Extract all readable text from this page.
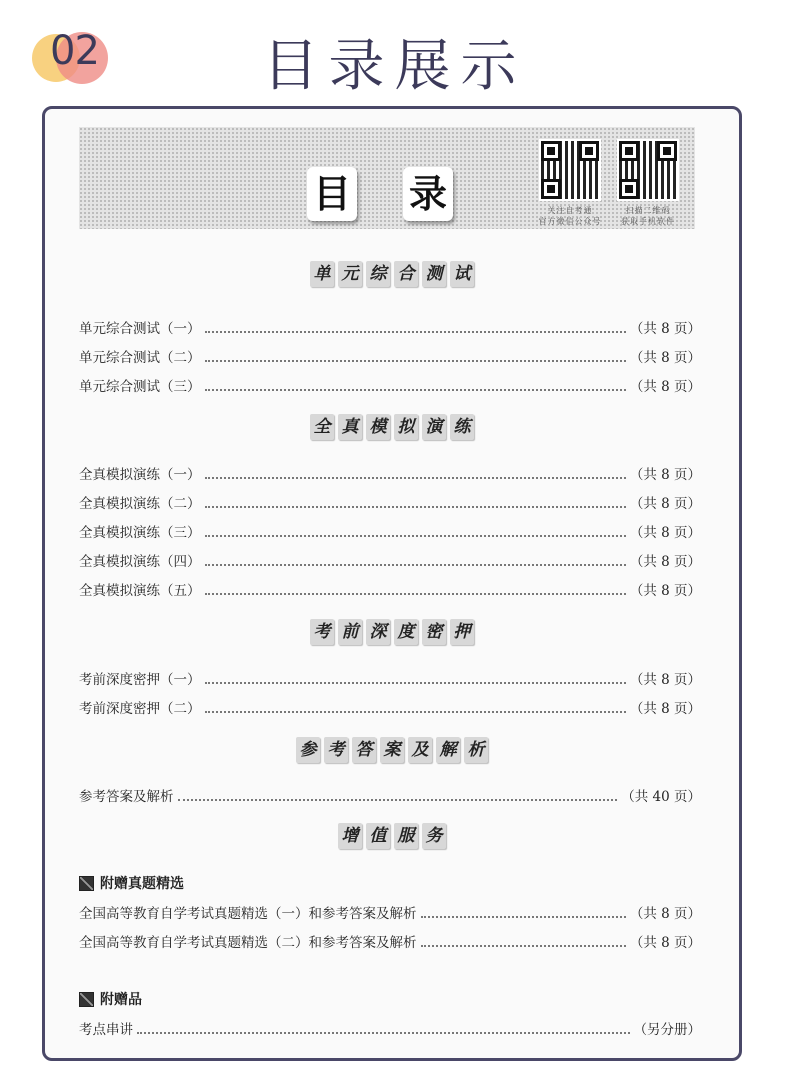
02	目录展示
目 录	关注自考通
官方微信公众号
扫描二维码
获取手机软件
单 元 综 合 测 试
单元综合测试（一）	（共 8 页）
单元综合测试（二）	（共 8 页）
单元综合测试（三）	（共 8 页）
全 真 模 拟 演 练
全真模拟演练（一）	（共 8 页）
全真模拟演练（二）	（共 8 页）
全真模拟演练（三）	（共 8 页）
全真模拟演练（四）	（共 8 页）
全真模拟演练（五）	（共 8 页）
考 前 深 度 密 押
考前深度密押（一）	（共 8 页）
考前深度密押（二）	（共 8 页）
参 考 答 案 及 解 析
参考答案及解析	（共 40 页）
增 值 服 务
附赠真题精选
全国高等教育自学考试真题精选（一）和参考答案及解析	（共 8 页）
全国高等教育自学考试真题精选（二）和参考答案及解析	（共 8 页）
附赠品
考点串讲	（另分册）
